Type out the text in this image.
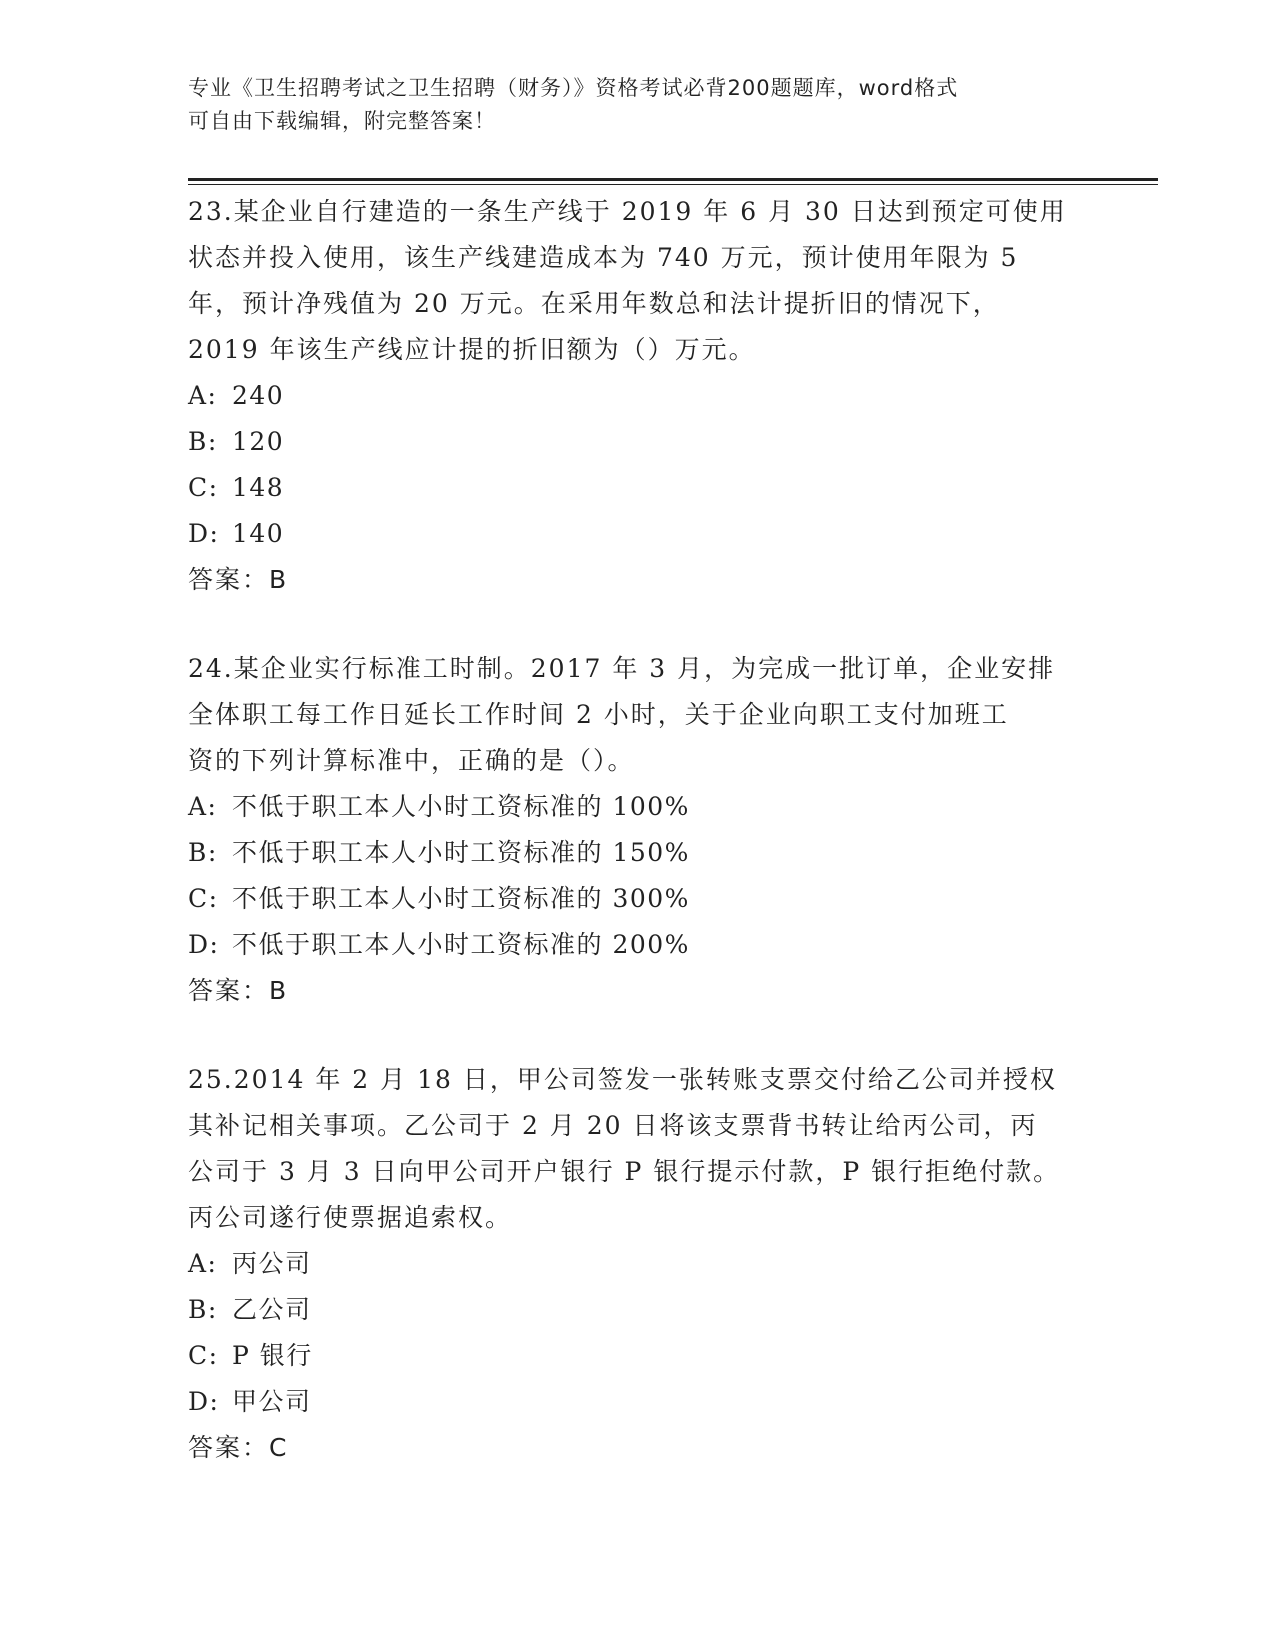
专业《卫生招聘考试之卫生招聘（财务）》资格考试必背200题题库，word格式
可自由下载编辑，附完整答案！
23.某企业自行建造的一条生产线于 2019 年 6 月 30 日达到预定可使用
状态并投入使用，该生产线建造成本为 740 万元，预计使用年限为 5
年，预计净残值为 20 万元。在采用年数总和法计提折旧的情况下，
2019 年该生产线应计提的折旧额为（）万元。
A: 240
B: 120
C: 148
D: 140
答案：B
24.某企业实行标准工时制。2017 年 3 月，为完成一批订单，企业安排
全体职工每工作日延长工作时间 2 小时，关于企业向职工支付加班工
资的下列计算标准中，正确的是（）。
A: 不低于职工本人小时工资标准的 100%
B: 不低于职工本人小时工资标准的 150%
C: 不低于职工本人小时工资标准的 300%
D: 不低于职工本人小时工资标准的 200%
答案：B
25.2014 年 2 月 18 日，甲公司签发一张转账支票交付给乙公司并授权
其补记相关事项。乙公司于 2 月 20 日将该支票背书转让给丙公司，丙
公司于 3 月 3 日向甲公司开户银行 P 银行提示付款，P 银行拒绝付款。
丙公司遂行使票据追索权。
A: 丙公司
B: 乙公司
C: P 银行
D: 甲公司
答案：C
